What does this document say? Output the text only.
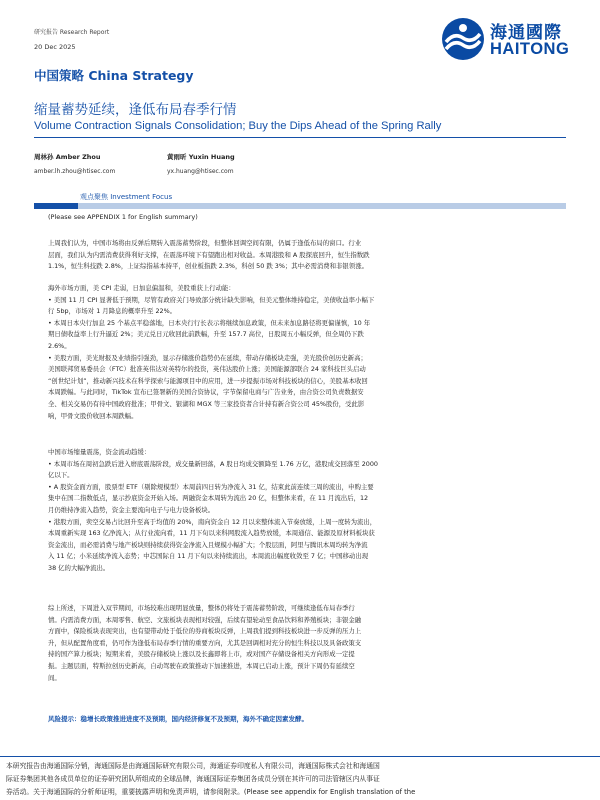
研究报告 Research Report
20 Dec 2025
海通國際
HAITONG
中国策略 China Strategy
缩量蓄势延续，逢低布局春季行情
Volume Contraction Signals Consolidation; Buy the Dips Ahead of the Spring Rally
周林孙 Amber Zhou
amber.lh.zhou@htisec.com
黄雨昕 Yuxin Huang
yx.huang@htisec.com
观点聚焦 Investment Focus
(Please see APPENDIX 1 for English summary)

上周我们认为，中国市场将由反弹后期转入震荡蓄势阶段，但整体回调空间有限，仍属于逢低布局的窗口。行业

层面，我们认为内需消费获得利好支撑，在震荡环境下有望跑出相对收益。本周港股和 A 股探底回升，恒生指数跌

1.1%，恒生科技跌 2.8%，上证综指基本持平，创业板指跌 2.3%，科创 50 跌 3%；其中必需消费和非银领涨。

海外市场方面，美 CPI 走弱，日加息偏温和，美股重获上行动能：

• 美国 11 月 CPI 显著低于预期，尽管有政府关门导致部分统计缺失影响，但美元整体维持稳定，美债收益率小幅下

行 5bp，市场对 1 月降息的概率升至 22%。

• 本周日本央行加息 25 个基点平稳落地，日本央行行长表示将继续加息政策，但未来加息路径将更偏谨慎，10 年

期日债收益率上行升逼近 2%；美元兑日元收回此前跌幅，升至 157.7 高位，日股周五小幅反弹，但全周仍下跌

2.6%。

• 美股方面，美光财报及业绩指引强劲，显示存储涨价趋势仍在延续，带动存储板块走强，美光股价创历史新高；

美国联邦贸易委员会（FTC）批准英伟达对英特尔的投资，英伟达股价上涨；美国能源部联合 24 家科技巨头启动

“创世纪计划”，推动新兴技术在科学探索与能源项目中的应用，进一步提振市场对科技板块的信心，美股基本收回

本周跌幅。与此同时，TikTok 宣布已签署新的美国合资协议，字节保留电商与广告业务，由合资公司负责数据安

全、相关交易仍有待中国政府批准；甲骨文、银湖和 MGX 等三家投资者合计持有新合资公司 45%股份，受此影

响，甲骨文股价收回本周跌幅。

中国市场缩量震荡，资金流动趋缓：

• 本周市场在周初急跌后进入磨底震荡阶段，成交量新回落，A 股日均成交额降至 1.76 万亿，港股成交回落至 2000

亿以下。

• A 股资金面方面，股票型 ETF（剔除规模型）本周前四日转为净流入 31 亿，结束此前连续三周的流出，申购主要

集中在国二指数低点，显示抄底资金开始入场。两融资金本周转为流出 20 亿，但整体来看，在 11 月流出后，12

月仍维持净流入趋势，资金主要流向电子与电力设备板块。

• 港股方面，卖空交易占比回升至高于均值的 20%，南向资金自 12 月以来整体流入节奏放缓，上周一度转为流出，

本周重新实现 163 亿净流入；从行业流向看，11 月下旬以来科网股流入趋势放缓，本周通信、能源及原材料板块获

资金流出，而必需消费与地产板块则持续获得资金净流入且规模小幅扩大；个股层面，阿里与腾讯本周均转为净流

入 11 亿；小米延续净流入态势；中芯国际自 11 月下旬以来持续流出，本周流出幅度收敛至 7 亿；中国移动出现

38 亿的大幅净流出。

综上所述，下周进入双节期间，市场较难出现明显放量，整体仍将处于震荡蓄势阶段，可继续逢低布局春季行

情。内需消费方面，本周零售、航空、文旅板块表现相对较强，后续有望轮动至食品饮料和养殖板块；非银金融

方面中，保险板块表现突出，也有望带动处于低位的券商板块反弹，上周我们提到科技板块进一步反弹的压力上

升，但从配置角度看，仍可作为逢低布局春季行情的重要方向，尤其是回调相对充分的恒生科技以及具备政策支

持的国产算力板块；短期来看，美股存储板块上涨以及长鑫即将上市，或对国产存储设备相关方向形成一定提

振。主题层面，特斯拉创历史新高，自动驾驶在政策推动下加速推进，本周已启动上涨，预计下周仍有延续空

间。

风险提示：稳增长政策推进进度不及预期，国内经济修复不及预期，海外不确定因素发酵。

本研究报告由海通国际分销，海通国际是由海通国际研究有限公司，海通证券印度私人有限公司，海通国际株式会社和海通国

际证券集团其他各成员单位的证券研究团队所组成的全球品牌，海通国际证券集团各成员分别在其许可的司法管辖区内从事证

券活动。关于海通国际的分析师证明，重要披露声明和免责声明，请参阅附录。(Please see appendix for English translation of the
